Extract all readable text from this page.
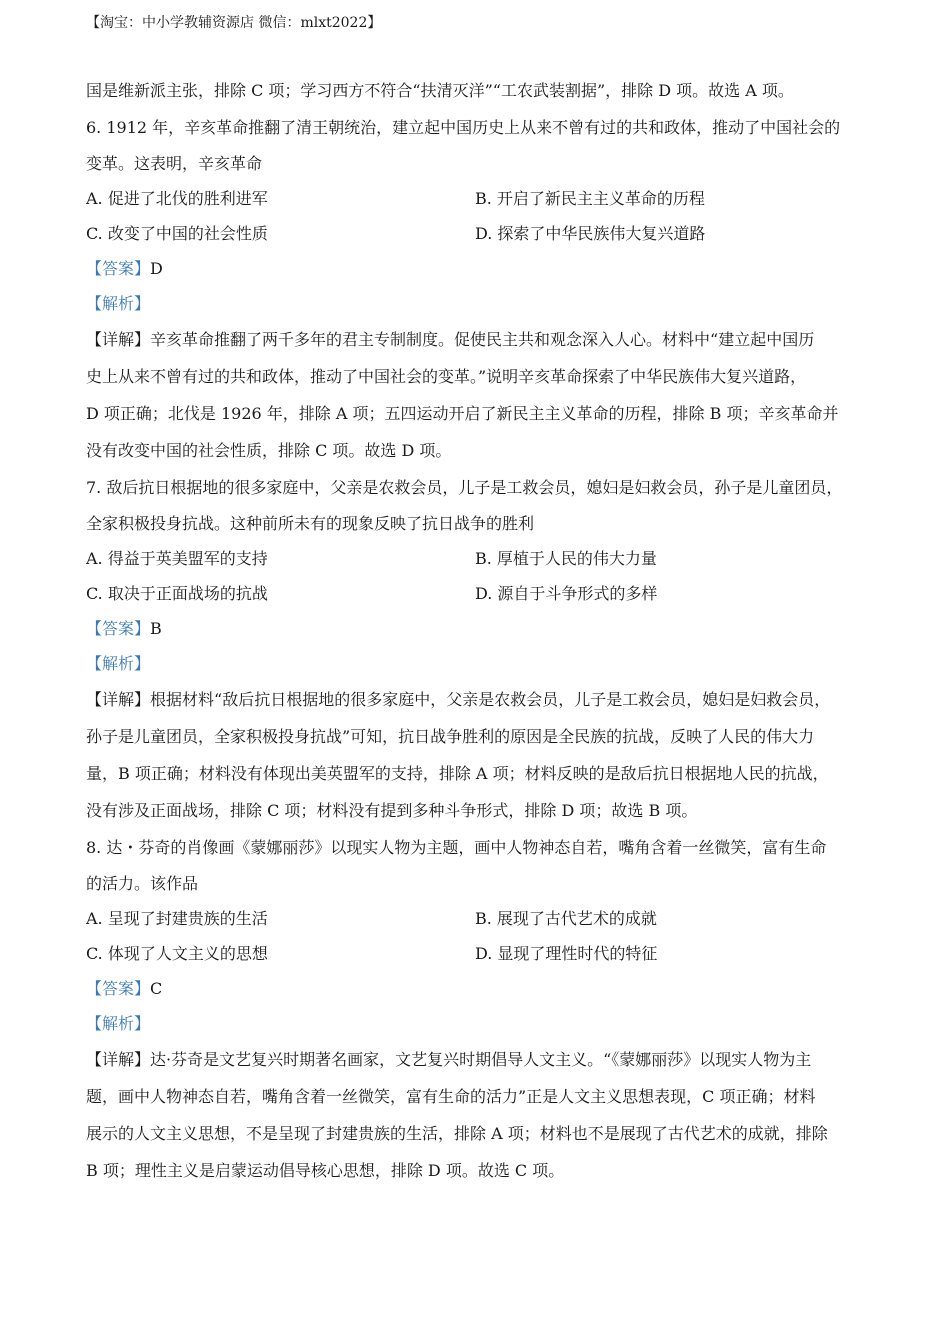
【淘宝：中小学教辅资源店 微信：mlxt2022】
国是维新派主张，排除 C 项；学习西方不符合“扶清灭洋”“工农武装割据”，排除 D 项。故选 A 项。
6. 1912 年，辛亥革命推翻了清王朝统治，建立起中国历史上从来不曾有过的共和政体，推动了中国社会的
变革。这表明，辛亥革命
A. 促进了北伐的胜利进军	B. 开启了新民主主义革命的历程
C. 改变了中国的社会性质	D. 探索了中华民族伟大复兴道路
【答案】D
【解析】
【详解】辛亥革命推翻了两千多年的君主专制制度。促使民主共和观念深入人心。材料中“建立起中国历
史上从来不曾有过的共和政体，推动了中国社会的变革。”说明辛亥革命探索了中华民族伟大复兴道路，
D 项正确；北伐是 1926 年，排除 A 项；五四运动开启了新民主主义革命的历程，排除 B 项；辛亥革命并
没有改变中国的社会性质，排除 C 项。故选 D 项。
7. 敌后抗日根据地的很多家庭中，父亲是农救会员，儿子是工救会员，媳妇是妇救会员，孙子是儿童团员，
全家积极投身抗战。这种前所未有的现象反映了抗日战争的胜利
A. 得益于英美盟军的支持	B. 厚植于人民的伟大力量
C. 取决于正面战场的抗战	D. 源自于斗争形式的多样
【答案】B
【解析】
【详解】根据材料“敌后抗日根据地的很多家庭中，父亲是农救会员，儿子是工救会员，媳妇是妇救会员，
孙子是儿童团员，全家积极投身抗战”可知，抗日战争胜利的原因是全民族的抗战，反映了人民的伟大力
量，B 项正确；材料没有体现出美英盟军的支持，排除 A 项；材料反映的是敌后抗日根据地人民的抗战，
没有涉及正面战场，排除 C 项；材料没有提到多种斗争形式，排除 D 项；故选 B 项。
8. 达・芬奇的肖像画《蒙娜丽莎》以现实人物为主题，画中人物神态自若，嘴角含着一丝微笑，富有生命
的活力。该作品
A. 呈现了封建贵族的生活	B. 展现了古代艺术的成就
C. 体现了人文主义的思想	D. 显现了理性时代的特征
【答案】C
【解析】
【详解】达·芬奇是文艺复兴时期著名画家，文艺复兴时期倡导人文主义。“《蒙娜丽莎》以现实人物为主
题，画中人物神态自若，嘴角含着一丝微笑，富有生命的活力”正是人文主义思想表现，C 项正确；材料
展示的人文主义思想，不是呈现了封建贵族的生活，排除 A 项；材料也不是展现了古代艺术的成就，排除
B 项；理性主义是启蒙运动倡导核心思想，排除 D 项。故选 C 项。
